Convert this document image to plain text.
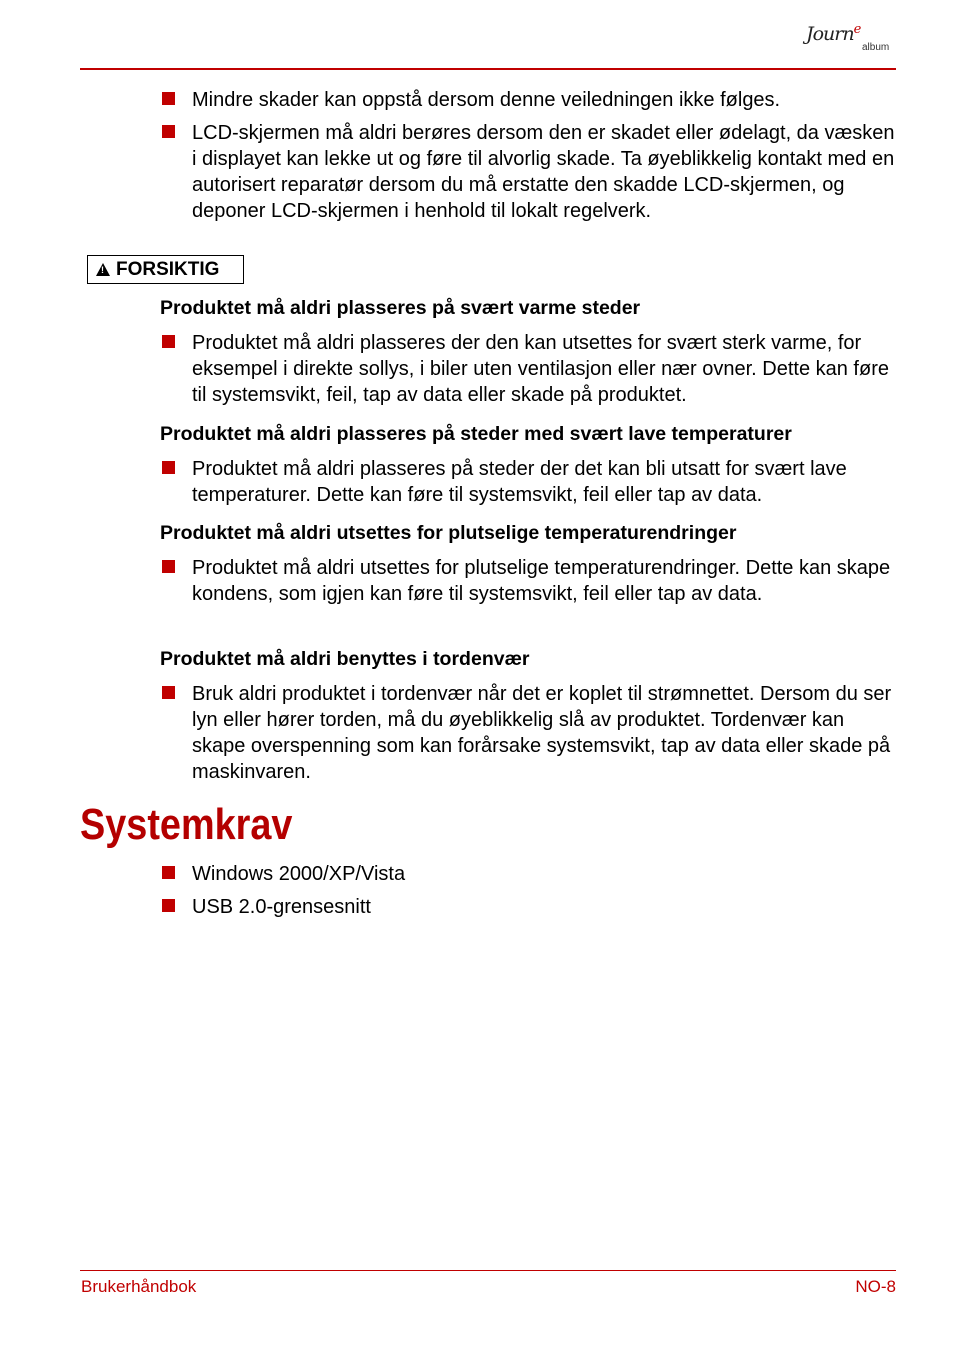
Journ$^e$
album
Mindre skader kan oppstå dersom denne veiledningen ikke følges.
LCD-skjermen må aldri berøres dersom den er skadet eller ødelagt, da væsken i displayet kan lekke ut og føre til alvorlig skade. Ta øyeblikkelig kontakt med en autorisert reparatør dersom du må erstatte den skadde LCD-skjermen, og deponer LCD-skjermen i henhold til lokalt regelverk.
!
FORSIKTIG
Produktet må aldri plasseres på svært varme steder
Produktet må aldri plasseres der den kan utsettes for svært sterk varme, for eksempel i direkte sollys, i biler uten ventilasjon eller nær ovner. Dette kan føre til systemsvikt, feil, tap av data eller skade på produktet.
Produktet må aldri plasseres på steder med svært lave temperaturer
Produktet må aldri plasseres på steder der det kan bli utsatt for svært lave temperaturer. Dette kan føre til systemsvikt, feil eller tap av data.
Produktet må aldri utsettes for plutselige temperaturendringer
Produktet må aldri utsettes for plutselige temperaturendringer. Dette kan skape kondens, som igjen kan føre til systemsvikt, feil eller tap av data.
Produktet må aldri benyttes i tordenvær
Bruk aldri produktet i tordenvær når det er koplet til strømnettet. Dersom du ser lyn eller hører torden, må du øyeblikkelig slå av produktet. Tordenvær kan skape overspenning som kan forårsake systemsvikt, tap av data eller skade på maskinvaren.
Systemkrav
Windows 2000/XP/Vista
USB 2.0-grensesnitt
Brukerhåndbok	NO-8
